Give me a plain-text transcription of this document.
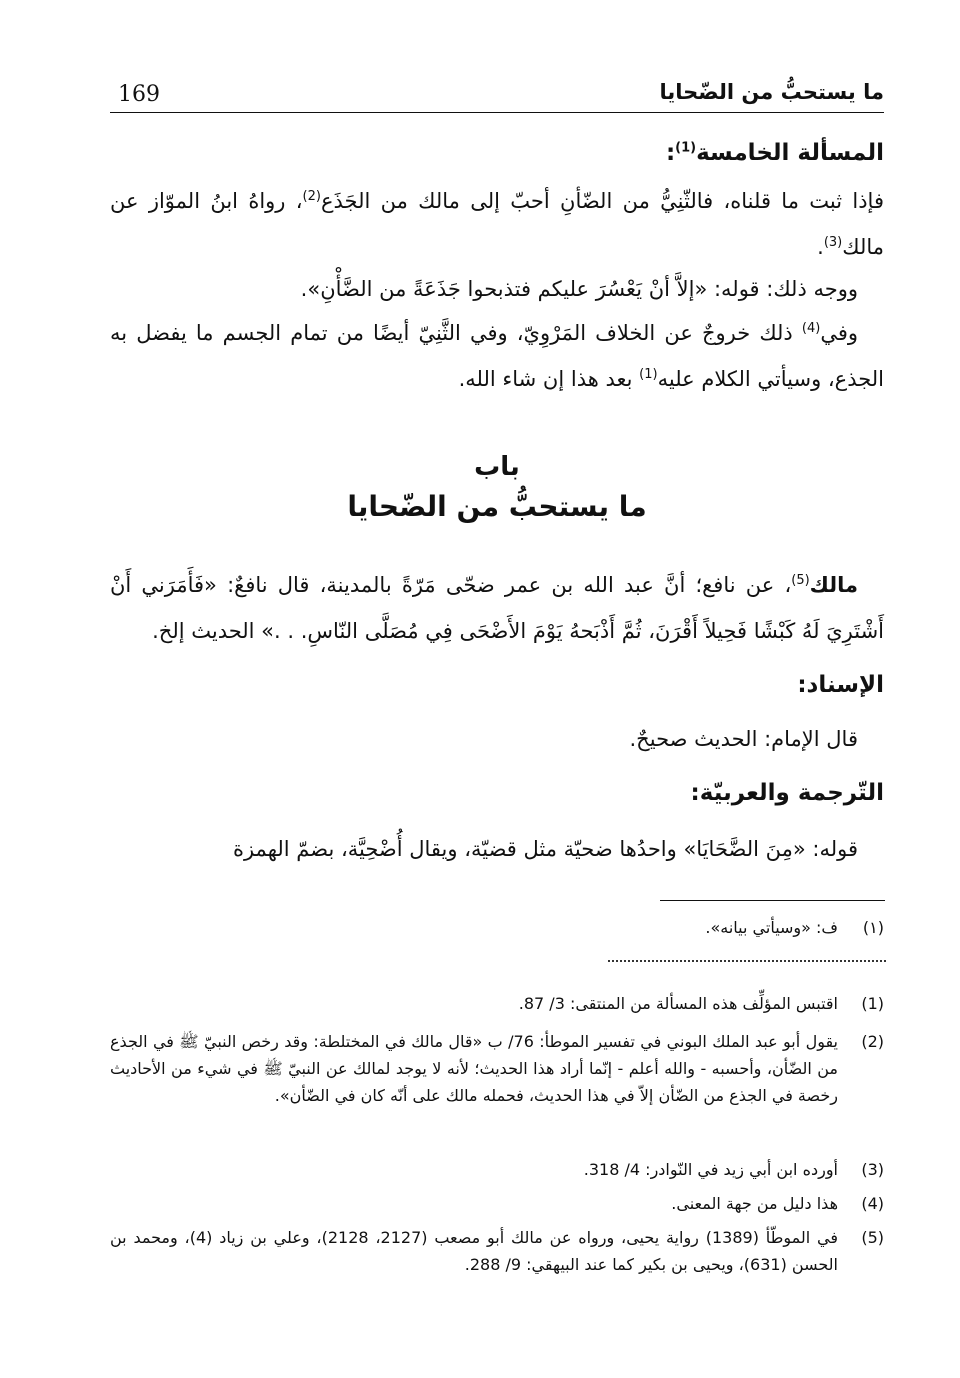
169	ما يستحبُّ من الضّحايا
المسألة الخامسة$^{(1)}$:
فإذا ثبت ما قلناه، فالثّنِيُّ من الضّأنِ أحبّ إلى مالك من الجَذَع$^{(2)}$، رواهُ ابنُ الموّاز عن مالك$^{(3)}$.
ووجه ذلك: قوله: «إلاَّ أنْ يَعْسُرَ عليكم فتذبحوا جَذَعَةً من الضَّأْنِ».
وفي$^{(4)}$ ذلك خروجٌ عن الخلاف المَرْوِيّ، وفي الثَّنِيّ أيضًا من تمام الجسم ما يفضل به الجذع، وسيأتي الكلام عليه$^{(1)}$ بعد هذا إن شاء الله.
باب
ما يستحبُّ من الضّحايا
مالك$^{(5)}$، عن نافع؛ أنَّ عبد الله بن عمر ضحّى مَرّةً بالمدينة، قال نافعٌ: «فَأَمَرَني أَنْ أَشْتَرِيَ لَهُ كَبْشًا فَحِيلاً أَقْرَنَ، ثُمَّ أَذْبَحهُ يَوْمَ الأَضْحَى فِي مُصَلَّى النّاسِ. . .» الحديث إلخ.
الإسناد:
قال الإمام: الحديث صحيحٌ.
التّرجمة والعربيّة:
قوله: «مِنَ الضَّحَايَا» واحدُها ضحيّة مثل قضيّة، ويقال أُضْحِيَّة، بضمّ الهمزة
(١)
ف: «وسيأتي بيانه».
(1)
اقتبس المؤلِّف هذه المسألة من المنتقى: 3/ 87.
(2)
يقول أبو عبد الملك البوني في تفسير الموطأ: 76/ ب «قال مالك في المختلطة: وقد رخص النبيّ ﷺ في الجذع من الضّأن، وأحسبه - والله أعلم - إنّما أراد هذا الحديث؛ لأنه لا يوجد لمالك عن النبيّ ﷺ في شيء من الأحاديث رخصة في الجذع من الضّأن إلاّ في هذا الحديث، فحمله مالك على أنّه كان في الضّأن».
(3)
أورده ابن أبي زيد في النّوادر: 4/ 318.
(4)
هذا دليل من جهة المعنى.
(5)
في الموطّأ (1389) رواية يحيى، ورواه عن مالك أبو مصعب (2127، 2128)، وعلي بن زياد (4)، ومحمد بن الحسن (631)، ويحيى بن بكير كما عند البيهقي: 9/ 288.
